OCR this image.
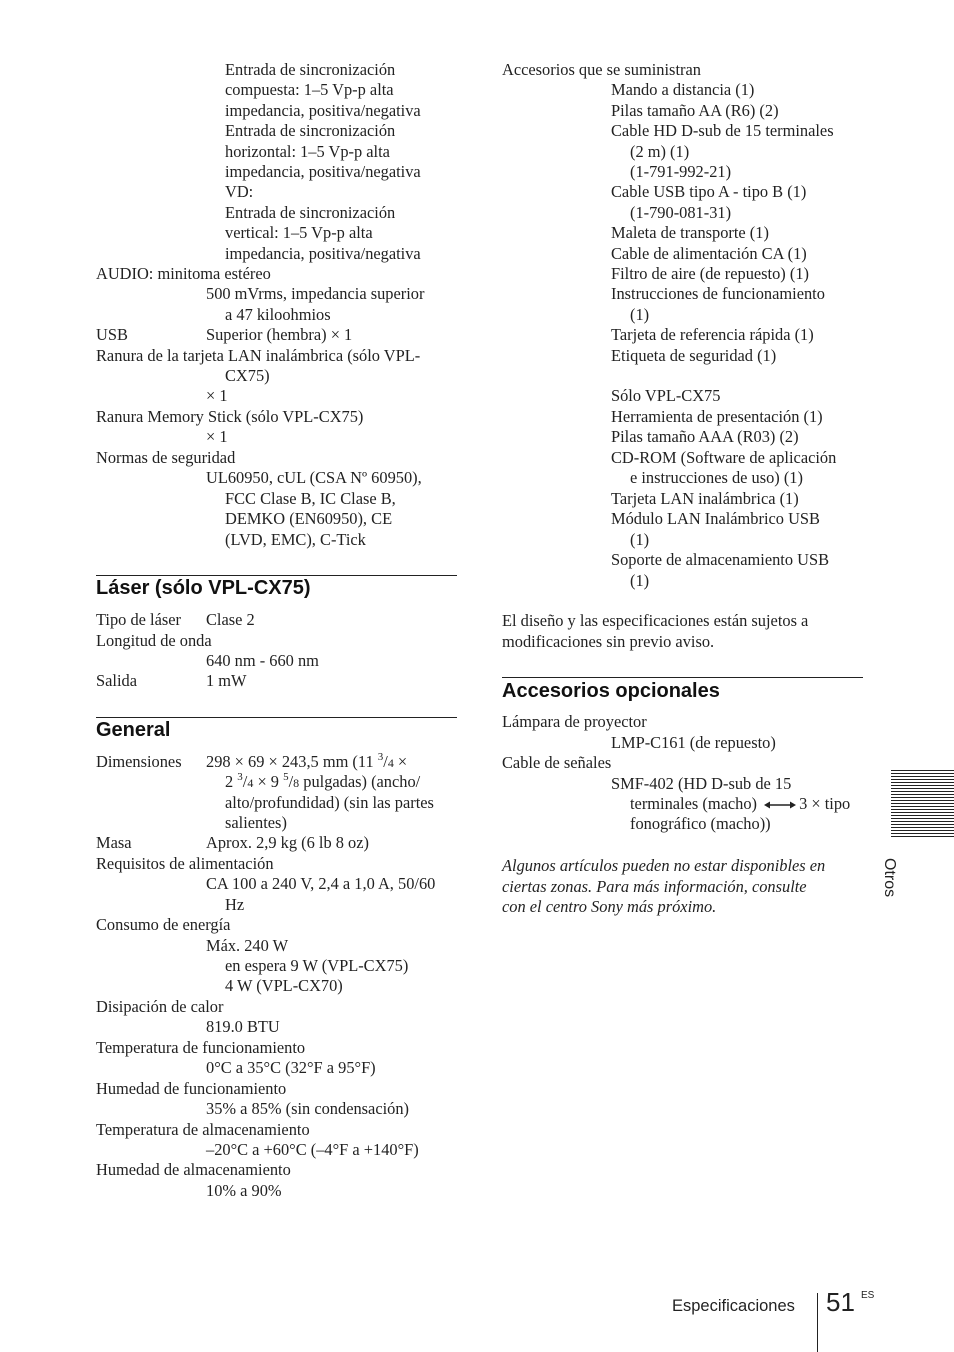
Entrada de sincronización
compuesta: 1–5 Vp-p alta
impedancia, positiva/negativa
Entrada de sincronización
horizontal: 1–5 Vp-p alta
impedancia, positiva/negativa
VD:
Entrada de sincronización
vertical: 1–5 Vp-p alta
impedancia, positiva/negativa
AUDIO: minitoma estéreo
500 mVrms, impedancia superior
a 47 kiloohmios
USB	Superior (hembra) × 1
Ranura de la tarjeta LAN inalámbrica (sólo VPL-
CX75)
× 1
Ranura Memory Stick (sólo VPL-CX75)
× 1
Normas de seguridad
UL60950, cUL (CSA Nº 60950),
FCC Clase B, IC Clase B,
DEMKO (EN60950), CE
(LVD, EMC), C-Tick
Láser (sólo VPL-CX75)
Tipo de láser Clase 2
Longitud de onda
640 nm - 660 nm
Salida	1 mW
General
Dimensiones 298 × 69 × 243,5 mm (11 $^3$/4 ×
2 $^3$/4 × 9 $^5$/8 pulgadas) (ancho/
alto/profundidad) (sin las partes
salientes)
Masa	Aprox. 2,9 kg (6 lb 8 oz)
Requisitos de alimentación
CA 100 a 240 V, 2,4 a 1,0 A, 50/60
Hz
Consumo de energía
Máx. 240 W
en espera 9 W (VPL-CX75)
4 W (VPL-CX70)
Disipación de calor
819.0 BTU
Temperatura de funcionamiento
0°C a 35°C (32°F a 95°F)
Humedad de funcionamiento
35% a 85% (sin condensación)
Temperatura de almacenamiento
–20°C a +60°C (–4°F a +140°F)
Humedad de almacenamiento
10% a 90%
Accesorios que se suministran
Mando a distancia (1)
Pilas tamaño AA (R6) (2)
Cable HD D-sub de 15 terminales
(2 m) (1)
(1-791-992-21)
Cable USB tipo A - tipo B (1)
(1-790-081-31)
Maleta de transporte (1)
Cable de alimentación CA (1)
Filtro de aire (de repuesto) (1)
Instrucciones de funcionamiento
(1)
Tarjeta de referencia rápida (1)
Etiqueta de seguridad (1)
Sólo VPL-CX75
Herramienta de presentación (1)
Pilas tamaño AAA (R03) (2)
CD-ROM (Software de aplicación
e instrucciones de uso) (1)
Tarjeta LAN inalámbrica (1)
Módulo LAN Inalámbrico USB
(1)
Soporte de almacenamiento USB
(1)
El diseño y las especificaciones están sujetos a
modificaciones sin previo aviso.
Accesorios opcionales
Lámpara de proyector
LMP-C161 (de repuesto)
Cable de señales
SMF-402 (HD D-sub de 15
terminales (macho)	3 × tipo
fonográfico (macho))
Algunos artículos pueden no estar disponibles en
ciertas zonas. Para más información, consulte
con el centro Sony más próximo.
Otros
Especificaciones 51 ES
